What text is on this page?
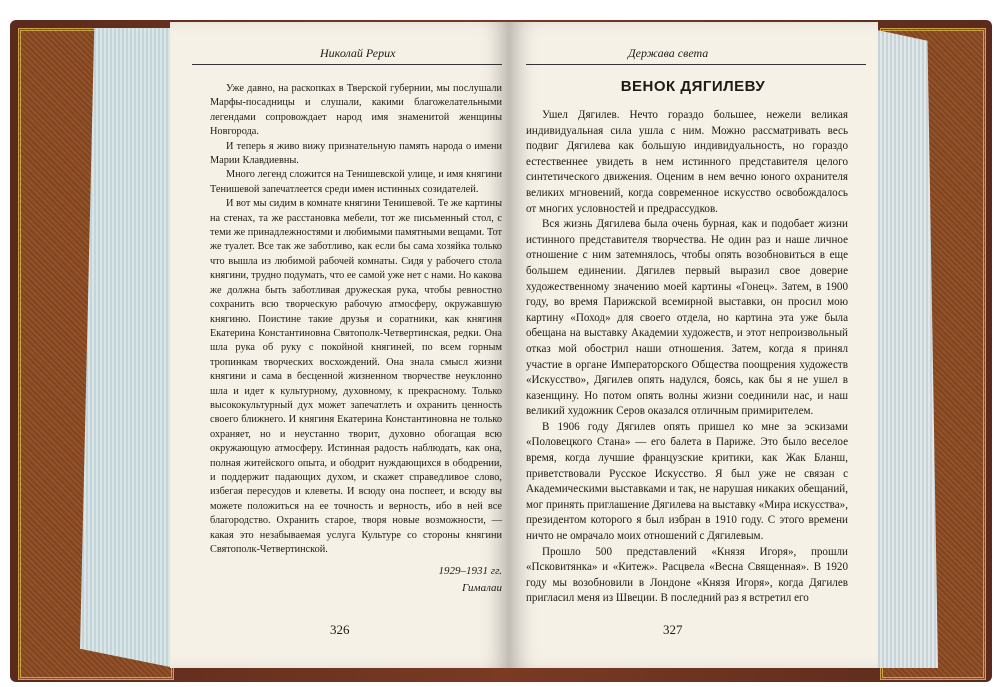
Николай Рерих

Уже давно, на раскопках в Тверской губернии, мы послушали Марфы-посадницы и слушали, какими благожелательными легендами сопровождает народ имя знаменитой женщины Новгорода.

И теперь я живо вижу признательную память народа о имени Марии Клавдиевны.

Много легенд сложится на Тенишевской улице, и имя княгини Тенишевой запечатлеется среди имен истинных созидателей.

И вот мы сидим в комнате княгини Тенишевой. Те же картины на стенах, та же расстановка мебели, тот же письменный стол, с теми же принадлежностями и любимыми памятными вещами. Тот же туалет. Все так же заботливо, как если бы сама хозяйка только что вышла из любимой рабочей комнаты. Сидя у рабочего стола княгини, трудно подумать, что ее самой уже нет с нами. Но какова же должна быть заботливая дружеская рука, чтобы ревностно сохранить всю творческую рабочую атмосферу, окружавшую княгиню. Поистине такие друзья и соратники, как княгиня Екатерина Константиновна Святополк-Четвертинская, редки. Она шла рука об руку с покойной княгиней, по всем горным тропинкам творческих восхождений. Она знала смысл жизни княгини и сама в бесценной жизненном творчестве неуклонно шла и идет к культурному, духовному, к прекрасному. Только высококультурный дух может запечатлеть и охранить ценность своего ближнего. И княгиня Екатерина Константиновна не только охраняет, но и неустанно творит, духовно обогащая всю окружающую атмосферу. Истинная радость наблюдать, как она, полная житейского опыта, и ободрит нуждающихся в ободрении, и поддержит падающих духом, и скажет справедливое слово, избегая пересудов и клеветы. И всюду она поспеет, и всюду вы можете положиться на ее точность и верность, ибо в ней все благородство. Охранить старое, творя новые возможности, — какая это незабываемая услуга Культуре со стороны княгини Святополк-Четвертинской.

1929–1931 гг.
Гималаи
326
Держава света
ВЕНОК ДЯГИЛЕВУ

Ушел Дягилев. Нечто гораздо большее, нежели великая индивидуальная сила ушла с ним. Можно рассматривать весь подвиг Дягилева как большую индивидуальность, но гораздо естественнее увидеть в нем истинного представителя целого синтетического движения. Оценим в нем вечно юного охранителя великих мгновений, когда современное искусство освобождалось от многих условностей и предрассудков.

Вся жизнь Дягилева была очень бурная, как и подобает жизни истинного представителя творчества. Не один раз и наше личное отношение с ним затемнялось, чтобы опять возобновиться в еще большем единении. Дягилев первый выразил свое доверие художественному значению моей картины «Гонец». Затем, в 1900 году, во время Парижской всемирной выставки, он просил мою картину «Поход» для своего отдела, но картина эта уже была обещана на выставку Академии художеств, и этот непроизвольный отказ мой обострил наши отношения. Затем, когда я принял участие в органе Императорского Общества поощрения художеств «Искусство», Дягилев опять надулся, боясь, как бы я не ушел в казенщину. Но потом опять волны жизни соединили нас, и наш великий художник Серов оказался отличным примирителем.

В 1906 году Дягилев опять пришел ко мне за эскизами «Половецкого Стана» — его балета в Париже. Это было веселое время, когда лучшие французские критики, как Жак Бланш, приветствовали Русское Искусство. Я был уже не связан с Академическими выставками и так, не нарушая никаких обещаний, мог принять приглашение Дягилева на выставку «Мира искусства», президентом которого я был избран в 1910 году. С этого времени ничто не омрачало моих отношений с Дягилевым.

Прошло 500 представлений «Князя Игоря», прошли «Псковитянка» и «Китеж». Расцвела «Весна Священная». В 1920 году мы возобновили в Лондоне «Князя Игоря», когда Дягилев пригласил меня из Швеции. В последний раз я встретил его

327
